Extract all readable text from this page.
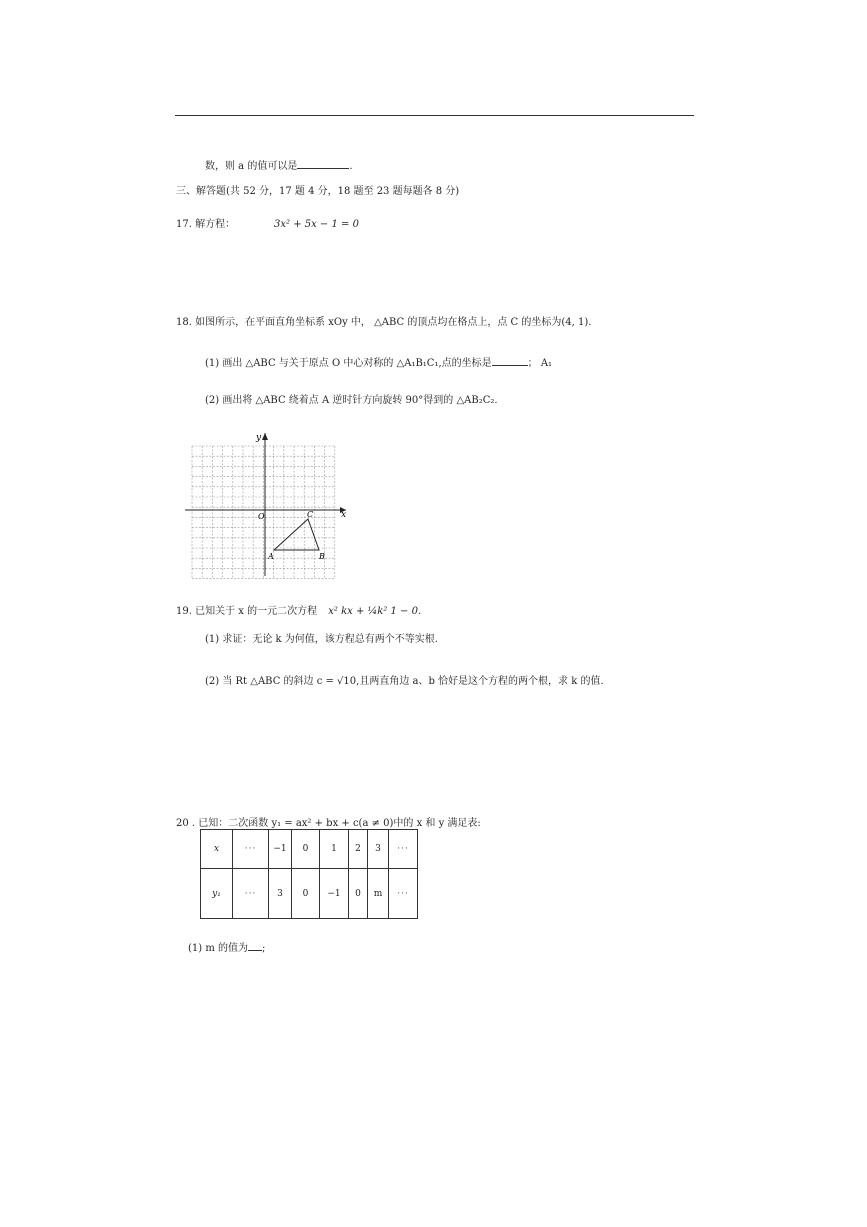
数，则 a 的值可以是	.
三、解答题(共 52 分，17 题 4 分，18 题至 23 题每题各 8 分)
17. 解方程：	3x² + 5x − 1 = 0
18. 如图所示，在平面直角坐标系 xOy 中， △ABC 的顶点均在格点上，点 C 的坐标为(4, 1).
(1) 画出 △ABC 与关于原点 O 中心对称的 △A₁B₁C₁,点的坐标是	； A₁
(2) 画出将 △ABC 绕着点 A 逆时针方向旋转 90°得到的 △AB₂C₂.
y
x
O
A	B
C
19. 已知关于 x 的一元二次方程 x² kx + ¼k² 1 − 0.
(1) 求证：无论 k 为何值，该方程总有两个不等实根.
(2) 当 Rt △ABC 的斜边 c = √10,且两直角边 a、b 恰好是这个方程的两个根，求 k 的值.
20 . 已知：二次函数 y₁ = ax² + bx + c(a ≠ 0)中的 x 和 y 满足表:
x	···	−1	0	1	2	3	···
y₁	···	3	0	−1	0	m	···
(1) m 的值为 ;
